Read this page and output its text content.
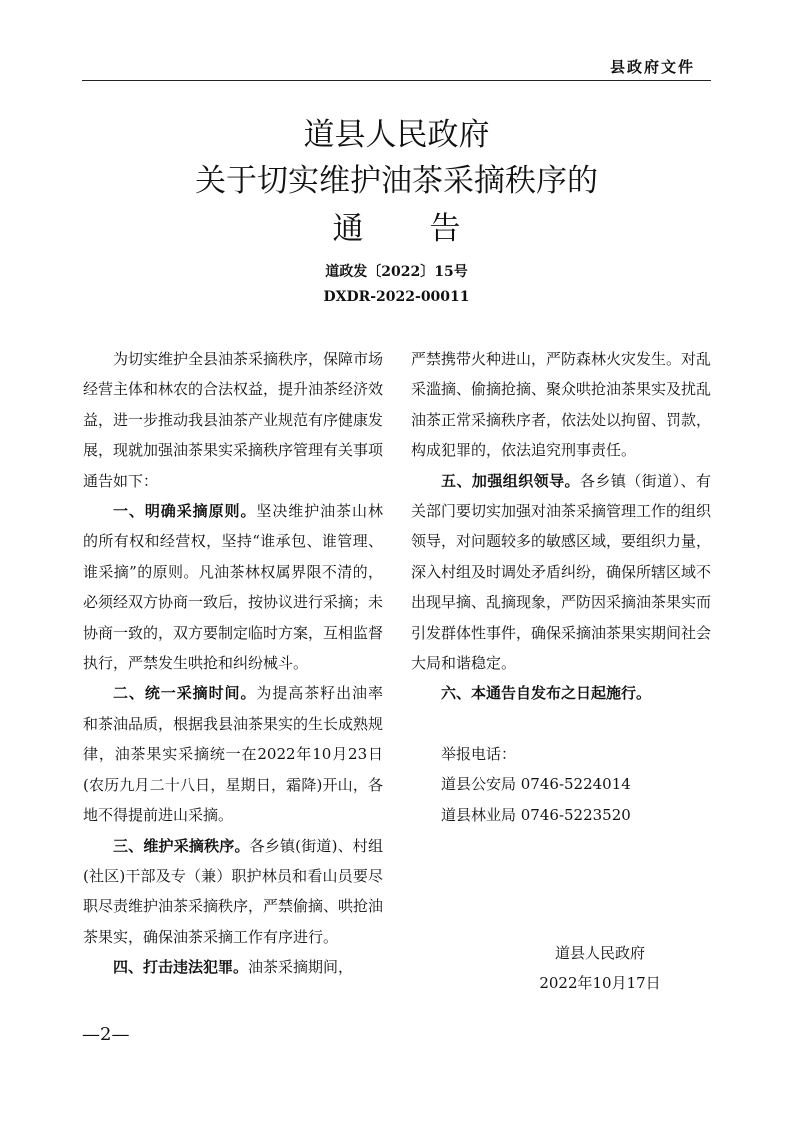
县政府文件
道县人民政府
关于切实维护油茶采摘秩序的
通告
道政发〔2022〕15号
DXDR-2022-00011

为切实维护全县油茶采摘秩序，保障市场经营主体和林农的合法权益，提升油茶经济效益，进一步推动我县油茶产业规范有序健康发展，现就加强油茶果实采摘秩序管理有关事项通告如下：

一、明确采摘原则。坚决维护油茶山林的所有权和经营权，坚持“谁承包、谁管理、谁采摘”的原则。凡油茶林权属界限不清的，必须经双方协商一致后，按协议进行采摘；未协商一致的，双方要制定临时方案，互相监督执行，严禁发生哄抢和纠纷械斗。

二、统一采摘时间。为提高茶籽出油率和茶油品质，根据我县油茶果实的生长成熟规律，油茶果实采摘统一在2022年10月23日(农历九月二十八日，星期日，霜降)开山，各地不得提前进山采摘。

三、维护采摘秩序。各乡镇(街道)、村组(社区)干部及专（兼）职护林员和看山员要尽职尽责维护油茶采摘秩序，严禁偷摘、哄抢油茶果实，确保油茶采摘工作有序进行。

四、打击违法犯罪。油茶采摘期间，

严禁携带火种进山，严防森林火灾发生。对乱采滥摘、偷摘抢摘、聚众哄抢油茶果实及扰乱油茶正常采摘秩序者，依法处以拘留、罚款，构成犯罪的，依法追究刑事责任。

五、加强组织领导。各乡镇（街道）、有关部门要切实加强对油茶采摘管理工作的组织领导，对问题较多的敏感区域，要组织力量，深入村组及时调处矛盾纠纷，确保所辖区域不出现早摘、乱摘现象，严防因采摘油茶果实而引发群体性事件，确保采摘油茶果实期间社会大局和谐稳定。

六、本通告自发布之日起施行。

举报电话：

道县公安局 0746-5224014

道县林业局 0746-5223520

道县人民政府
2022年10月17日
—2—
